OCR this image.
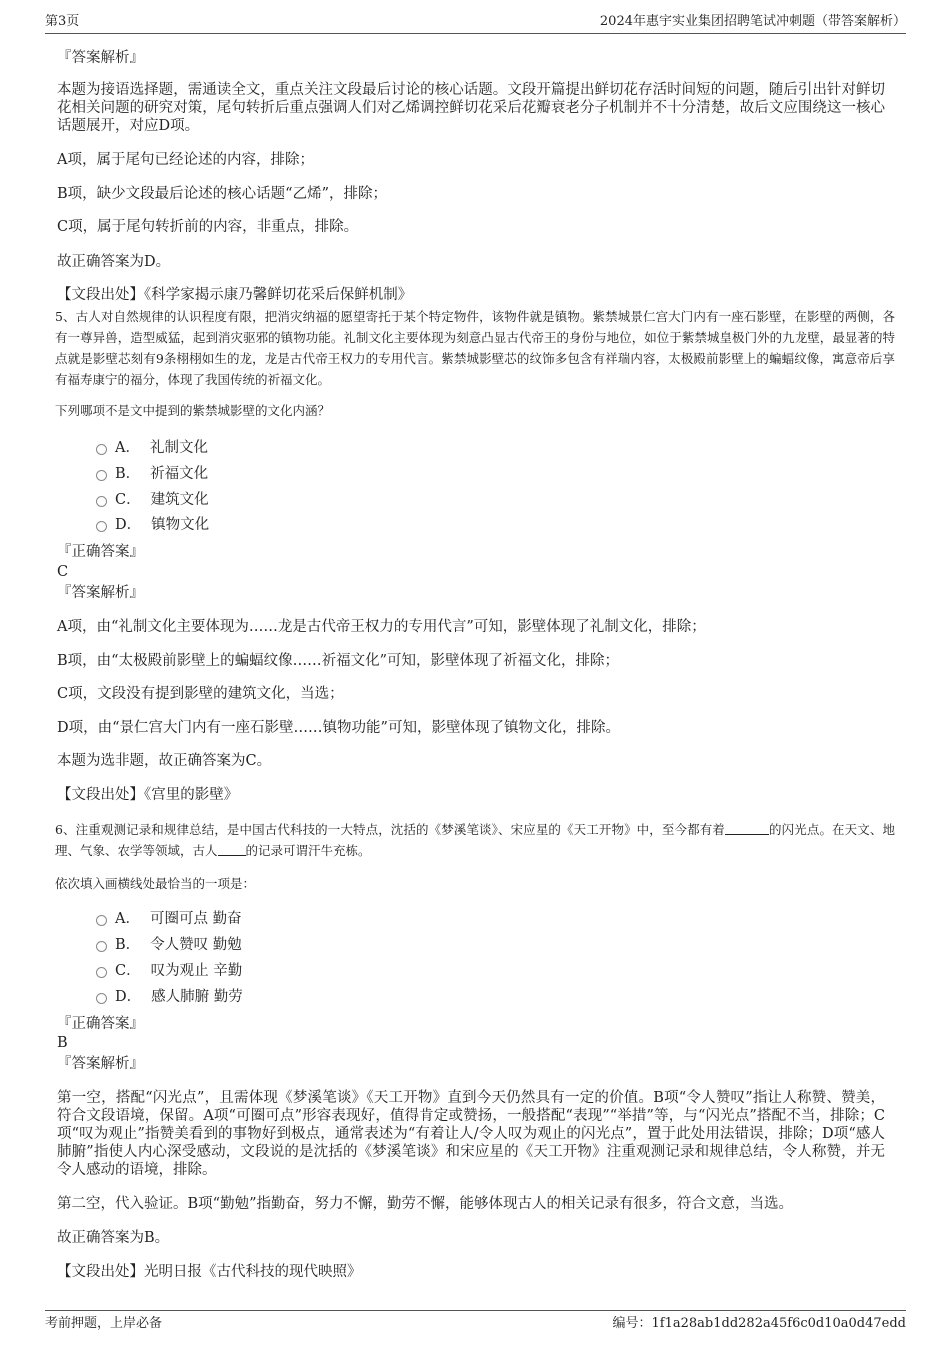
第3页	2024年惠宇实业集团招聘笔试冲刺题（带答案解析）
『答案解析』
本题为接语选择题，需通读全文，重点关注文段最后讨论的核心话题。文段开篇提出鲜切花存活时间短的问题，随后引出针对鲜切花相关问题的研究对策，尾句转折后重点强调人们对乙烯调控鲜切花采后花瓣衰老分子机制并不十分清楚，故后文应围绕这一核心话题展开，对应D项。
A项，属于尾句已经论述的内容，排除；
B项，缺少文段最后论述的核心话题“乙烯”，排除；
C项，属于尾句转折前的内容，非重点，排除。
故正确答案为D。
【文段出处】《科学家揭示康乃馨鲜切花采后保鲜机制》
5、古人对自然规律的认识程度有限，把消灾纳福的愿望寄托于某个特定物件，该物件就是镇物。紫禁城景仁宫大门内有一座石影壁，在影壁的两侧，各有一尊异兽，造型威猛，起到消灾驱邪的镇物功能。礼制文化主要体现为刻意凸显古代帝王的身份与地位，如位于紫禁城皇极门外的九龙壁，最显著的特点就是影壁芯刻有9条栩栩如生的龙，龙是古代帝王权力的专用代言。紫禁城影壁芯的纹饰多包含有祥瑞内容，太极殿前影壁上的蝙蝠纹像，寓意帝后享有福寿康宁的福分，体现了我国传统的祈福文化。
下列哪项不是文中提到的紫禁城影壁的文化内涵？
A． 礼制文化
B． 祈福文化
C． 建筑文化
D． 镇物文化
『正确答案』
C
『答案解析』
A项，由“礼制文化主要体现为……龙是古代帝王权力的专用代言”可知，影壁体现了礼制文化，排除；
B项，由“太极殿前影壁上的蝙蝠纹像……祈福文化”可知，影壁体现了祈福文化，排除；
C项，文段没有提到影壁的建筑文化，当选；
D项，由“景仁宫大门内有一座石影壁……镇物功能”可知，影壁体现了镇物文化，排除。
本题为选非题，故正确答案为C。
【文段出处】《宫里的影壁》
6、注重观测记录和规律总结，是中国古代科技的一大特点，沈括的《梦溪笔谈》、宋应星的《天工开物》中，至今都有着	的闪光点。在天文、地理、气象、农学等领域，古人 的记录可谓汗牛充栋。
依次填入画横线处最恰当的一项是：
A． 可圈可点 勤奋
B． 令人赞叹 勤勉
C． 叹为观止 辛勤
D． 感人肺腑 勤劳
『正确答案』
B
『答案解析』
第一空，搭配“闪光点”，且需体现《梦溪笔谈》《天工开物》直到今天仍然具有一定的价值。B项“令人赞叹”指让人称赞、赞美，符合文段语境，保留。A项“可圈可点”形容表现好，值得肯定或赞扬，一般搭配“表现”“举措”等，与“闪光点”搭配不当，排除；C项“叹为观止”指赞美看到的事物好到极点，通常表述为“有着让人/令人叹为观止的闪光点”，置于此处用法错误，排除；D项“感人肺腑”指使人内心深受感动，文段说的是沈括的《梦溪笔谈》和宋应星的《天工开物》注重观测记录和规律总结，令人称赞，并无令人感动的语境，排除。
第二空，代入验证。B项“勤勉”指勤奋，努力不懈，勤劳不懈，能够体现古人的相关记录有很多，符合文意，当选。
故正确答案为B。
【文段出处】光明日报《古代科技的现代映照》
考前押题，上岸必备	编号：1f1a28ab1dd282a45f6c0d10a0d47edd
